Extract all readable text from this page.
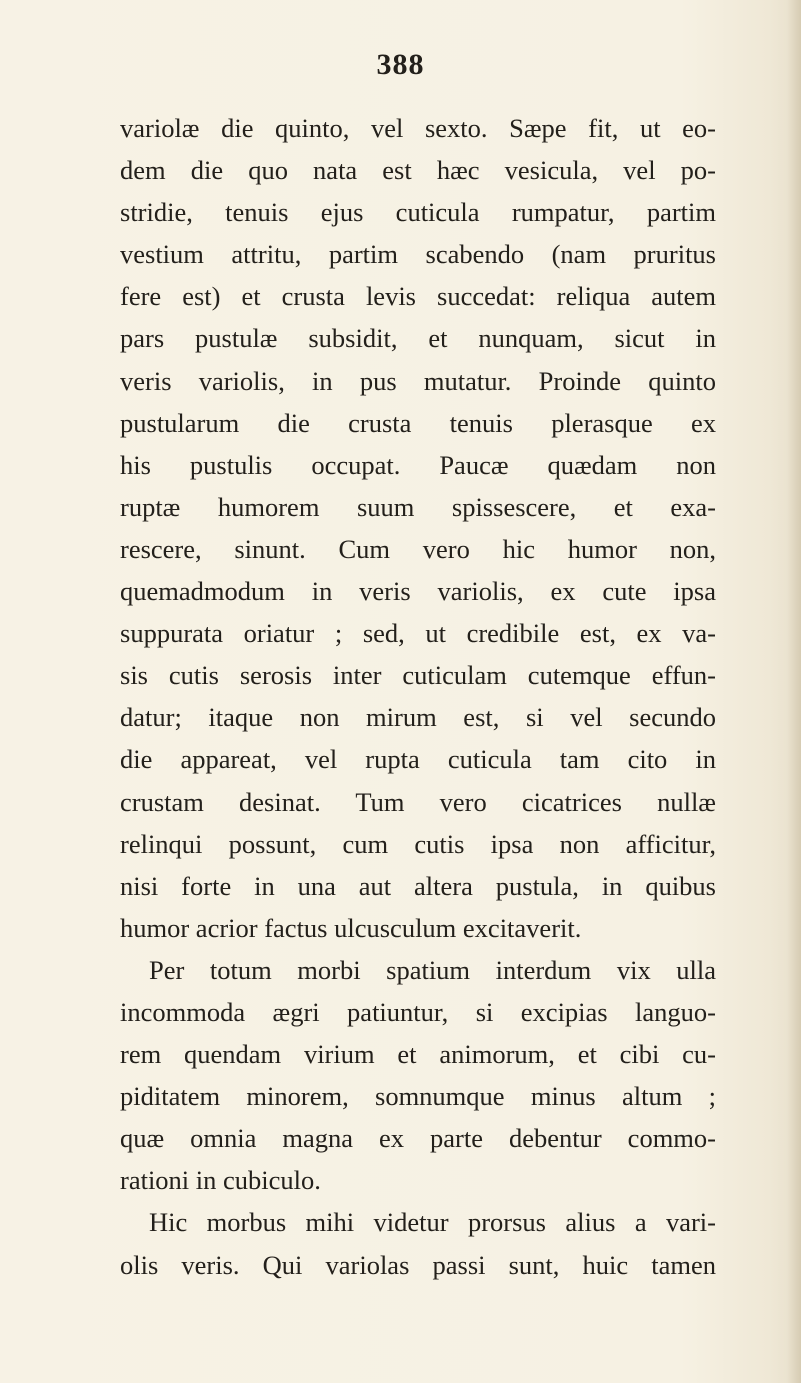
388
variolæ die quinto, vel sexto. Sæpe fit, ut eo-
dem die quo nata est hæc vesicula, vel po-
stridie, tenuis ejus cuticula rumpatur, partim
vestium attritu, partim scabendo (nam pruritus
fere est) et crusta levis succedat: reliqua autem
pars pustulæ subsidit, et nunquam, sicut in
veris variolis, in pus mutatur. Proinde quinto
pustularum die crusta tenuis plerasque ex
his pustulis occupat. Paucæ quædam non
ruptæ humorem suum spissescere, et exa-
rescere, sinunt. Cum vero hic humor non,
quemadmodum in veris variolis, ex cute ipsa
suppurata oriatur ; sed, ut credibile est, ex va-
sis cutis serosis inter cuticulam cutemque effun-
datur; itaque non mirum est, si vel secundo
die appareat, vel rupta cuticula tam cito in
crustam desinat. Tum vero cicatrices nullæ
relinqui possunt, cum cutis ipsa non afficitur,
nisi forte in una aut altera pustula, in quibus
humor acrior factus ulcusculum excitaverit.
Per totum morbi spatium interdum vix ulla
incommoda ægri patiuntur, si excipias languo-
rem quendam virium et animorum, et cibi cu-
piditatem minorem, somnumque minus altum ;
quæ omnia magna ex parte debentur commo-
rationi in cubiculo.
Hic morbus mihi videtur prorsus alius a vari-
olis veris. Qui variolas passi sunt, huic tamen
